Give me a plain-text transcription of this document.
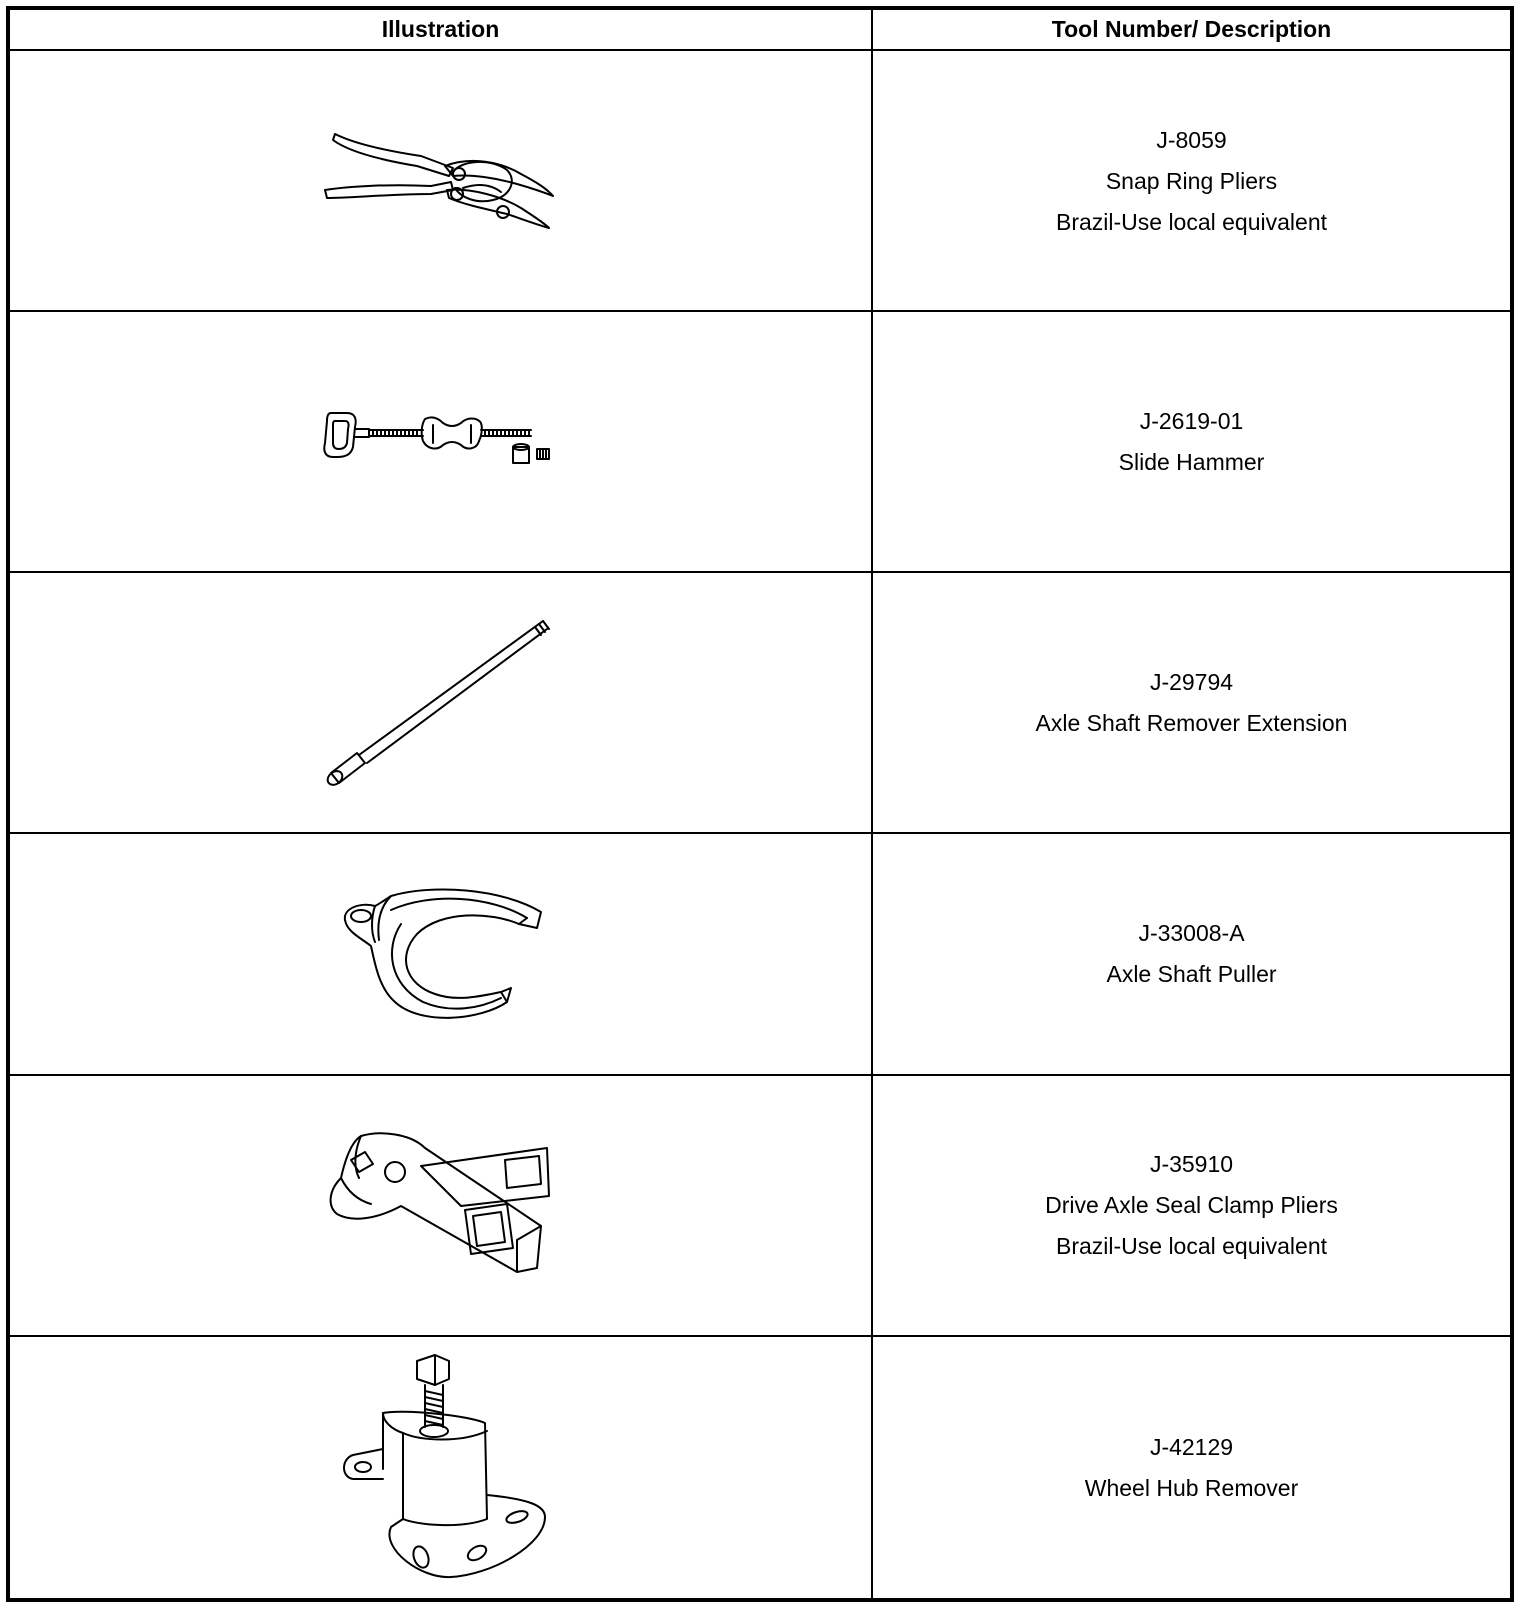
Illustration	Tool Number/ Description

J-8059
Snap Ring Pliers
Brazil-Use local equivalent

J-2619-01
Slide Hammer

J-29794
Axle Shaft Remover Extension

J-33008-A
Axle Shaft Puller

J-35910
Drive Axle Seal Clamp Pliers
Brazil-Use local equivalent

J-42129
Wheel Hub Remover
